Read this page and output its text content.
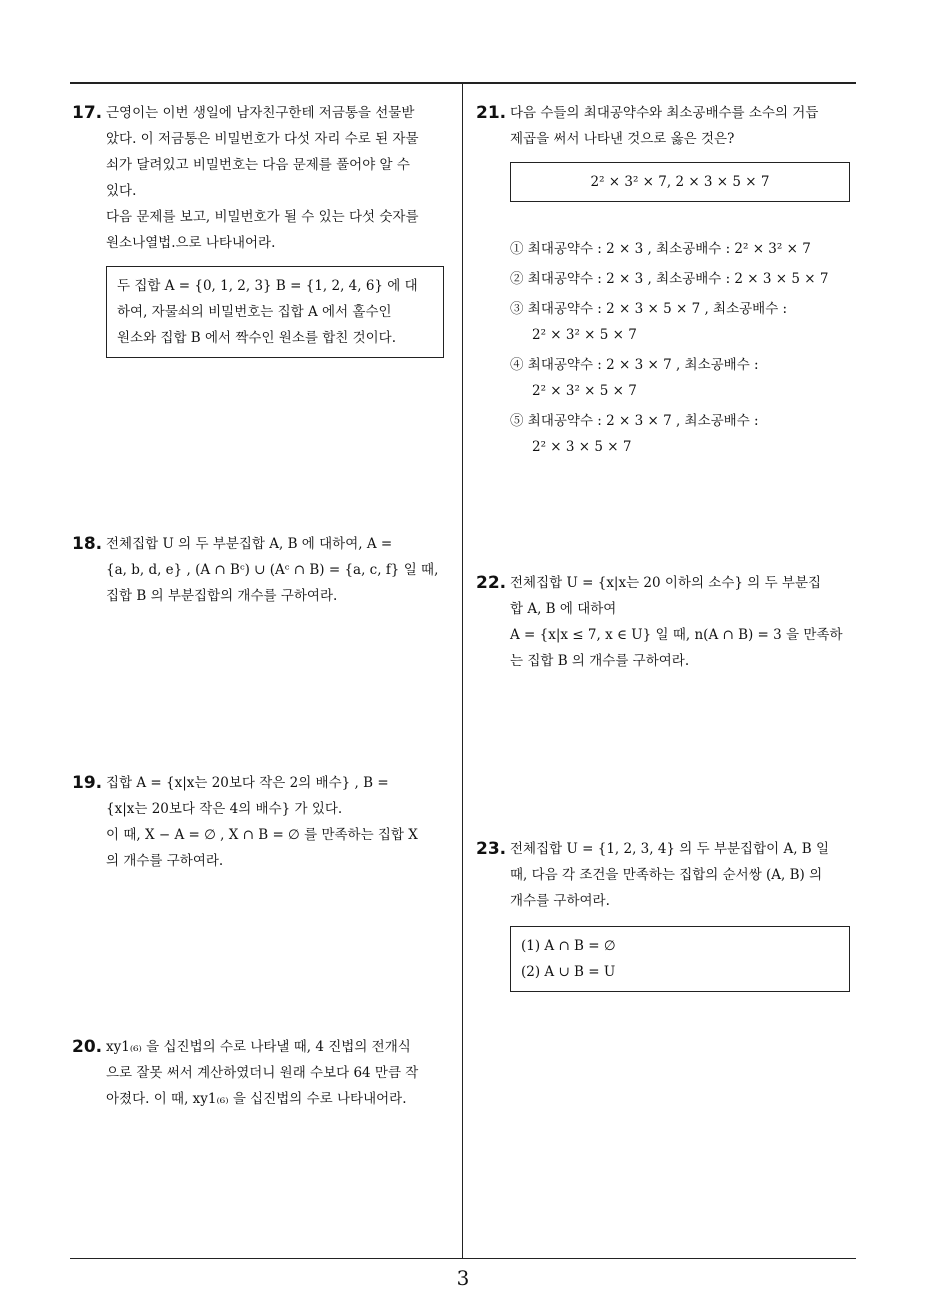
17. 근영이는 이번 생일에 남자친구한테 저금통을 선물받
았다. 이 저금통은 비밀번호가 다섯 자리 수로 된 자물
쇠가 달려있고 비밀번호는 다음 문제를 풀어야 알 수
있다.
다음 문제를 보고, 비밀번호가 될 수 있는 다섯 숫자를
원소나열법.으로 나타내어라.
두 집합 A = {0, 1, 2, 3} B = {1, 2, 4, 6} 에 대
하여, 자물쇠의 비밀번호는 집합 A 에서 홀수인
원소와 집합 B 에서 짝수인 원소를 합친 것이다.
18. 전체집합 U 의 두 부분집합 A, B 에 대하여, A =
{a, b, d, e} , (A ∩ Bᶜ) ∪ (Aᶜ ∩ B) = {a, c, f} 일 때,
집합 B 의 부분집합의 개수를 구하여라.
19. 집합 A = {x|x는 20보다 작은 2의 배수} , B =
{x|x는 20보다 작은 4의 배수} 가 있다.
이 때, X − A = ∅ , X ∩ B = ∅ 를 만족하는 집합 X
의 개수를 구하여라.
20. xy1₍₆₎ 을 십진법의 수로 나타낼 때, 4 진법의 전개식
으로 잘못 써서 계산하였더니 원래 수보다 64 만큼 작
아졌다. 이 때, xy1₍₆₎ 을 십진법의 수로 나타내어라.
21. 다음 수들의 최대공약수와 최소공배수를 소수의 거듭
제곱을 써서 나타낸 것으로 옳은 것은?
2² × 3² × 7, 2 × 3 × 5 × 7
① 최대공약수 : 2 × 3 , 최소공배수 : 2² × 3² × 7
② 최대공약수 : 2 × 3 , 최소공배수 : 2 × 3 × 5 × 7
③ 최대공약수 : 2 × 3 × 5 × 7 , 최소공배수 :
2² × 3² × 5 × 7
④ 최대공약수 : 2 × 3 × 7 , 최소공배수 :
2² × 3² × 5 × 7
⑤ 최대공약수 : 2 × 3 × 7 , 최소공배수 :
2² × 3 × 5 × 7
22. 전체집합 U = {x|x는 20 이하의 소수} 의 두 부분집
합 A, B 에 대하여
A = {x|x ≤ 7, x ∈ U} 일 때, n(A ∩ B) = 3 을 만족하
는 집합 B 의 개수를 구하여라.
23. 전체집합 U = {1, 2, 3, 4} 의 두 부분집합이 A, B 일
때, 다음 각 조건을 만족하는 집합의 순서쌍 (A, B) 의
개수를 구하여라.
(1) A ∩ B = ∅
(2) A ∪ B = U
3
